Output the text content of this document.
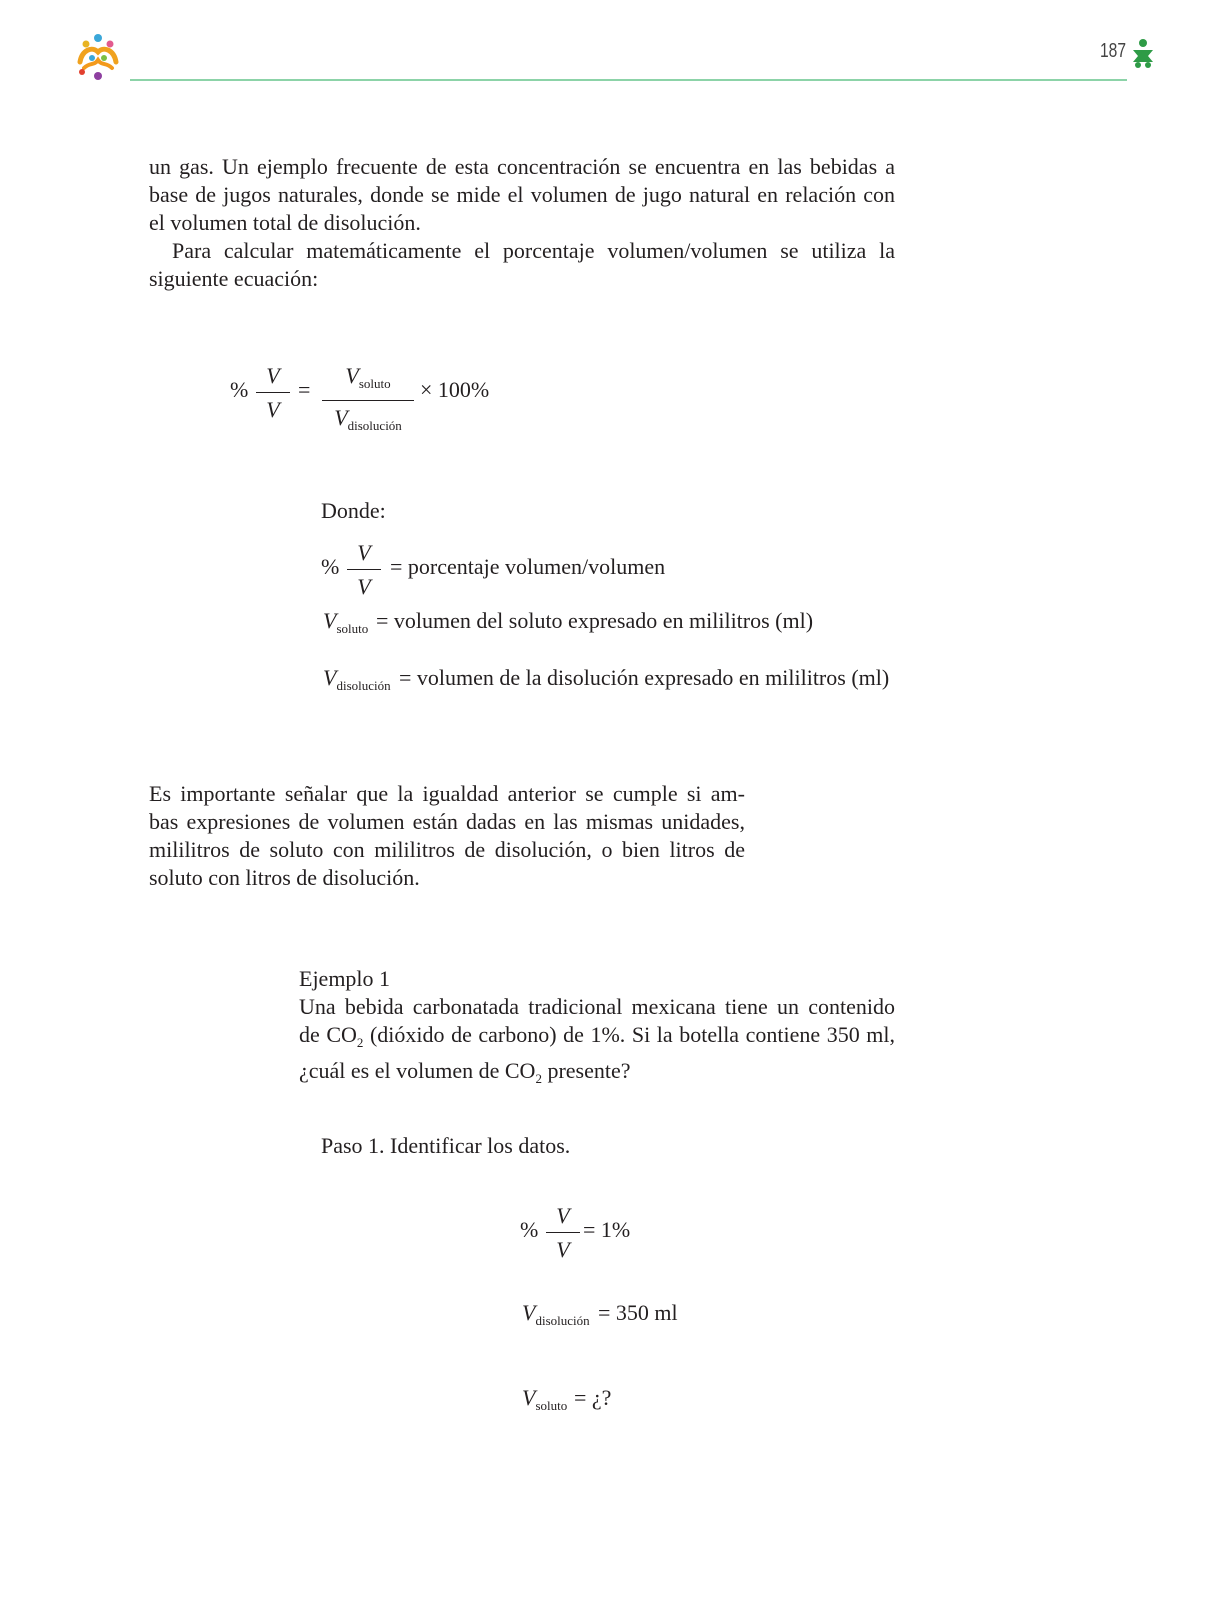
187
un gas. Un ejemplo frecuente de esta concentración se encuentra en las bebidas a
base de jugos naturales, donde se mide el volumen de jugo natural en relación con
el volumen total de disolución.
Para calcular matemáticamente el porcentaje volumen/volumen se utiliza la
siguiente ecuación:
%
V
V
=
$V_{soluto}$
$V_{disolución}$
× 100%
Donde:
%
V
V
= porcentaje volumen/volumen
$V_{soluto}$ = volumen del soluto expresado en mililitros (ml)
$V_{disolución}$ = volumen de la disolución expresado en mililitros (ml)
Es importante señalar que la igualdad anterior se cumple si am-
bas expresiones de volumen están dadas en las mismas unidades,
mililitros de soluto con mililitros de disolución, o bien litros de
soluto con litros de disolución.
Ejemplo 1
Una bebida carbonatada tradicional mexicana tiene un contenido
de $CO_2$ (dióxido de carbono) de 1%. Si la botella contiene 350 ml,
¿cuál es el volumen de $CO_2$ presente?
Paso 1. Identificar los datos.
%
V
V
= 1%
$V_{disolución} = 350$ ml
$V_{soluto}$ = ¿?
